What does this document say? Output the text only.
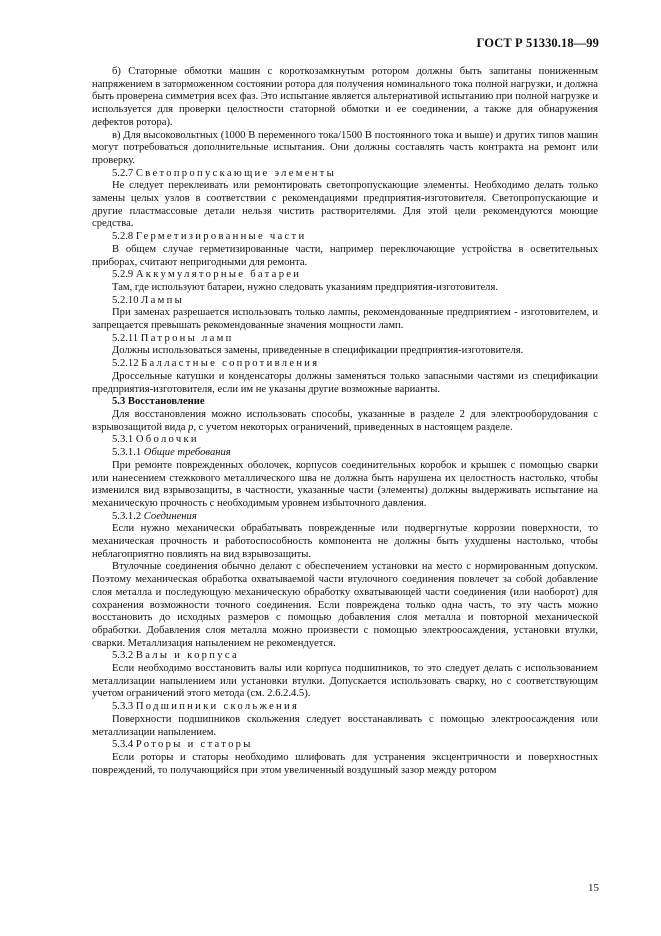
ГОСТ Р 51330.18—99

б) Статорные обмотки машин с короткозамкнутым ротором должны быть запитаны пониженным напряжением в заторможенном состоянии ротора для получения номинального тока полной нагрузки, и должна быть проверена симметрия всех фаз. Это испытание является альтернативой испытанию при полной нагрузке и используется для проверки целостности статорной обмотки и ее соединении, а также для обнаружения дефектов ротора).

в) Для высоковольтных (1000 В переменного тока/1500 В постоянного тока и выше) и других типов машин могут потребоваться дополнительные испытания. Они должны составлять часть контракта на ремонт или проверку.

5.2.7 Светопропускающие элементы

Не следует переклеивать или ремонтировать светопропускающие элементы. Необходимо делать только замены целых узлов в соответствии с рекомендациями предприятия-изготовителя. Светопропускающие и другие пластмассовые детали нельзя чистить растворителями. Для этой цели рекомендуются моющие средства.

5.2.8 Герметизированные части

В общем случае герметизированные части, например переключающие устройства в осветительных приборах, считают непригодными для ремонта.

5.2.9 Аккумуляторные батареи

Там, где используют батареи, нужно следовать указаниям предприятия-изготовителя.

5.2.10 Лампы

При заменах разрешается использовать только лампы, рекомендованные предприятием - изготовителем, и запрещается превышать рекомендованные значения мощности ламп.

5.2.11 Патроны ламп

Должны использоваться замены, приведенные в спецификации предприятия-изготовителя.

5.2.12 Балластные сопротивления

Дроссельные катушки и конденсаторы должны заменяться только запасными частями из спецификации предприятия-изготовителя, если им не указаны другие возможные варианты.

5.3 Восстановление

Для восстановления можно использовать способы, указанные в разделе 2 для электрооборудования с взрывозащитой вида р, с учетом некоторых ограничений, приведенных в настоящем разделе.

5.3.1 Оболочки

5.3.1.1 Общие требования

При ремонте поврежденных оболочек, корпусов соединительных коробок и крышек с помощью сварки или нанесением стежкового металлического шва не должна быть нарушена их целостность настолько, чтобы изменился вид взрывозащиты, в частности, указанные части (элементы) должны выдерживать испытание на механическую прочность с необходимым уровнем избыточного давления.

5.3.1.2 Соединения

Если нужно механически обрабатывать поврежденные или подвергнутые коррозии поверхности, то механическая прочность и работоспособность компонента не должны быть ухудшены настолько, чтобы неблагоприятно повлиять на вид взрывозащиты.

Втулочные соединения обычно делают с обеспечением установки на место с нормированным допуском. Поэтому механическая обработка охватываемой части втулочного соединения повлечет за собой добавление слоя металла и последующую механическую обработку охватывающей части соединения (или наоборот) для сохранения возможности точного соединения. Если повреждена только одна часть, то эту часть можно восстановить до исходных размеров с помощью добавления слоя металла и повторной механической обработки. Добавления слоя металла можно произвести с помощью электроосаждения, установки втулки, сварки. Металлизация напылением не рекомендуется.

5.3.2 Валы и корпуса

Если необходимо восстановить валы или корпуса подшипников, то это следует делать с использованием металлизации напылением или установки втулки. Допускается использовать сварку, но с соответствующим учетом ограничений этого метода (см. 2.6.2.4.5).

5.3.3 Подшипники скольжения

Поверхности подшипников скольжения следует восстанавливать с помощью электроосаждения или металлизации напылением.

5.3.4 Роторы и статоры

Если роторы и статоры необходимо шлифовать для устранения эксцентричности и поверхностных повреждений, то получающийся при этом увеличенный воздушный зазор между ротором

15
